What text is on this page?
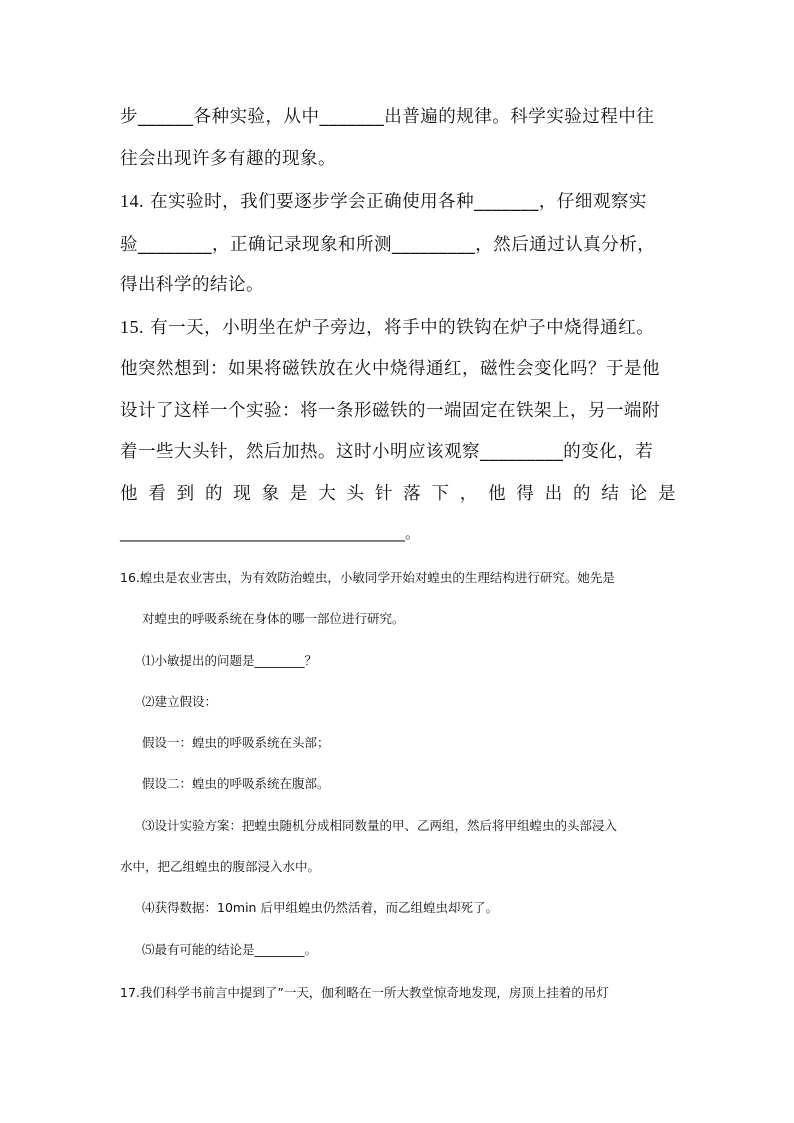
步______各种实验，从中_______出普遍的规律。科学实验过程中往
往会出现许多有趣的现象。
14. 在实验时，我们要逐步学会正确使用各种_______，仔细观察实
验________，正确记录现象和所测_________，然后通过认真分析，
得出科学的结论。
15. 有一天，小明坐在炉子旁边，将手中的铁钩在炉子中烧得通红。
他突然想到：如果将磁铁放在火中烧得通红，磁性会变化吗？于是他
设计了这样一个实验：将一条形磁铁的一端固定在铁架上，另一端附
着一些大头针，然后加热。这时小明应该观察_________的变化，若
他 看 到 的 现 象 是 大 头 针 落 下 ， 他 得 出 的 结 论 是
______________________________________。
16.蝗虫是农业害虫，为有效防治蝗虫，小敏同学开始对蝗虫的生理结构进行研究。她先是
对蝗虫的呼吸系统在身体的哪一部位进行研究。
⑴小敏提出的问题是________？
⑵建立假设：
假设一：蝗虫的呼吸系统在头部；
假设二：蝗虫的呼吸系统在腹部。
⑶设计实验方案：把蝗虫随机分成相同数量的甲、乙两组，然后将甲组蝗虫的头部浸入
水中，把乙组蝗虫的腹部浸入水中。
⑷获得数据：10min 后甲组蝗虫仍然活着，而乙组蝗虫却死了。
⑸最有可能的结论是________。
17.我们科学书前言中提到了”一天，伽利略在一所大教堂惊奇地发现，房顶上挂着的吊灯
